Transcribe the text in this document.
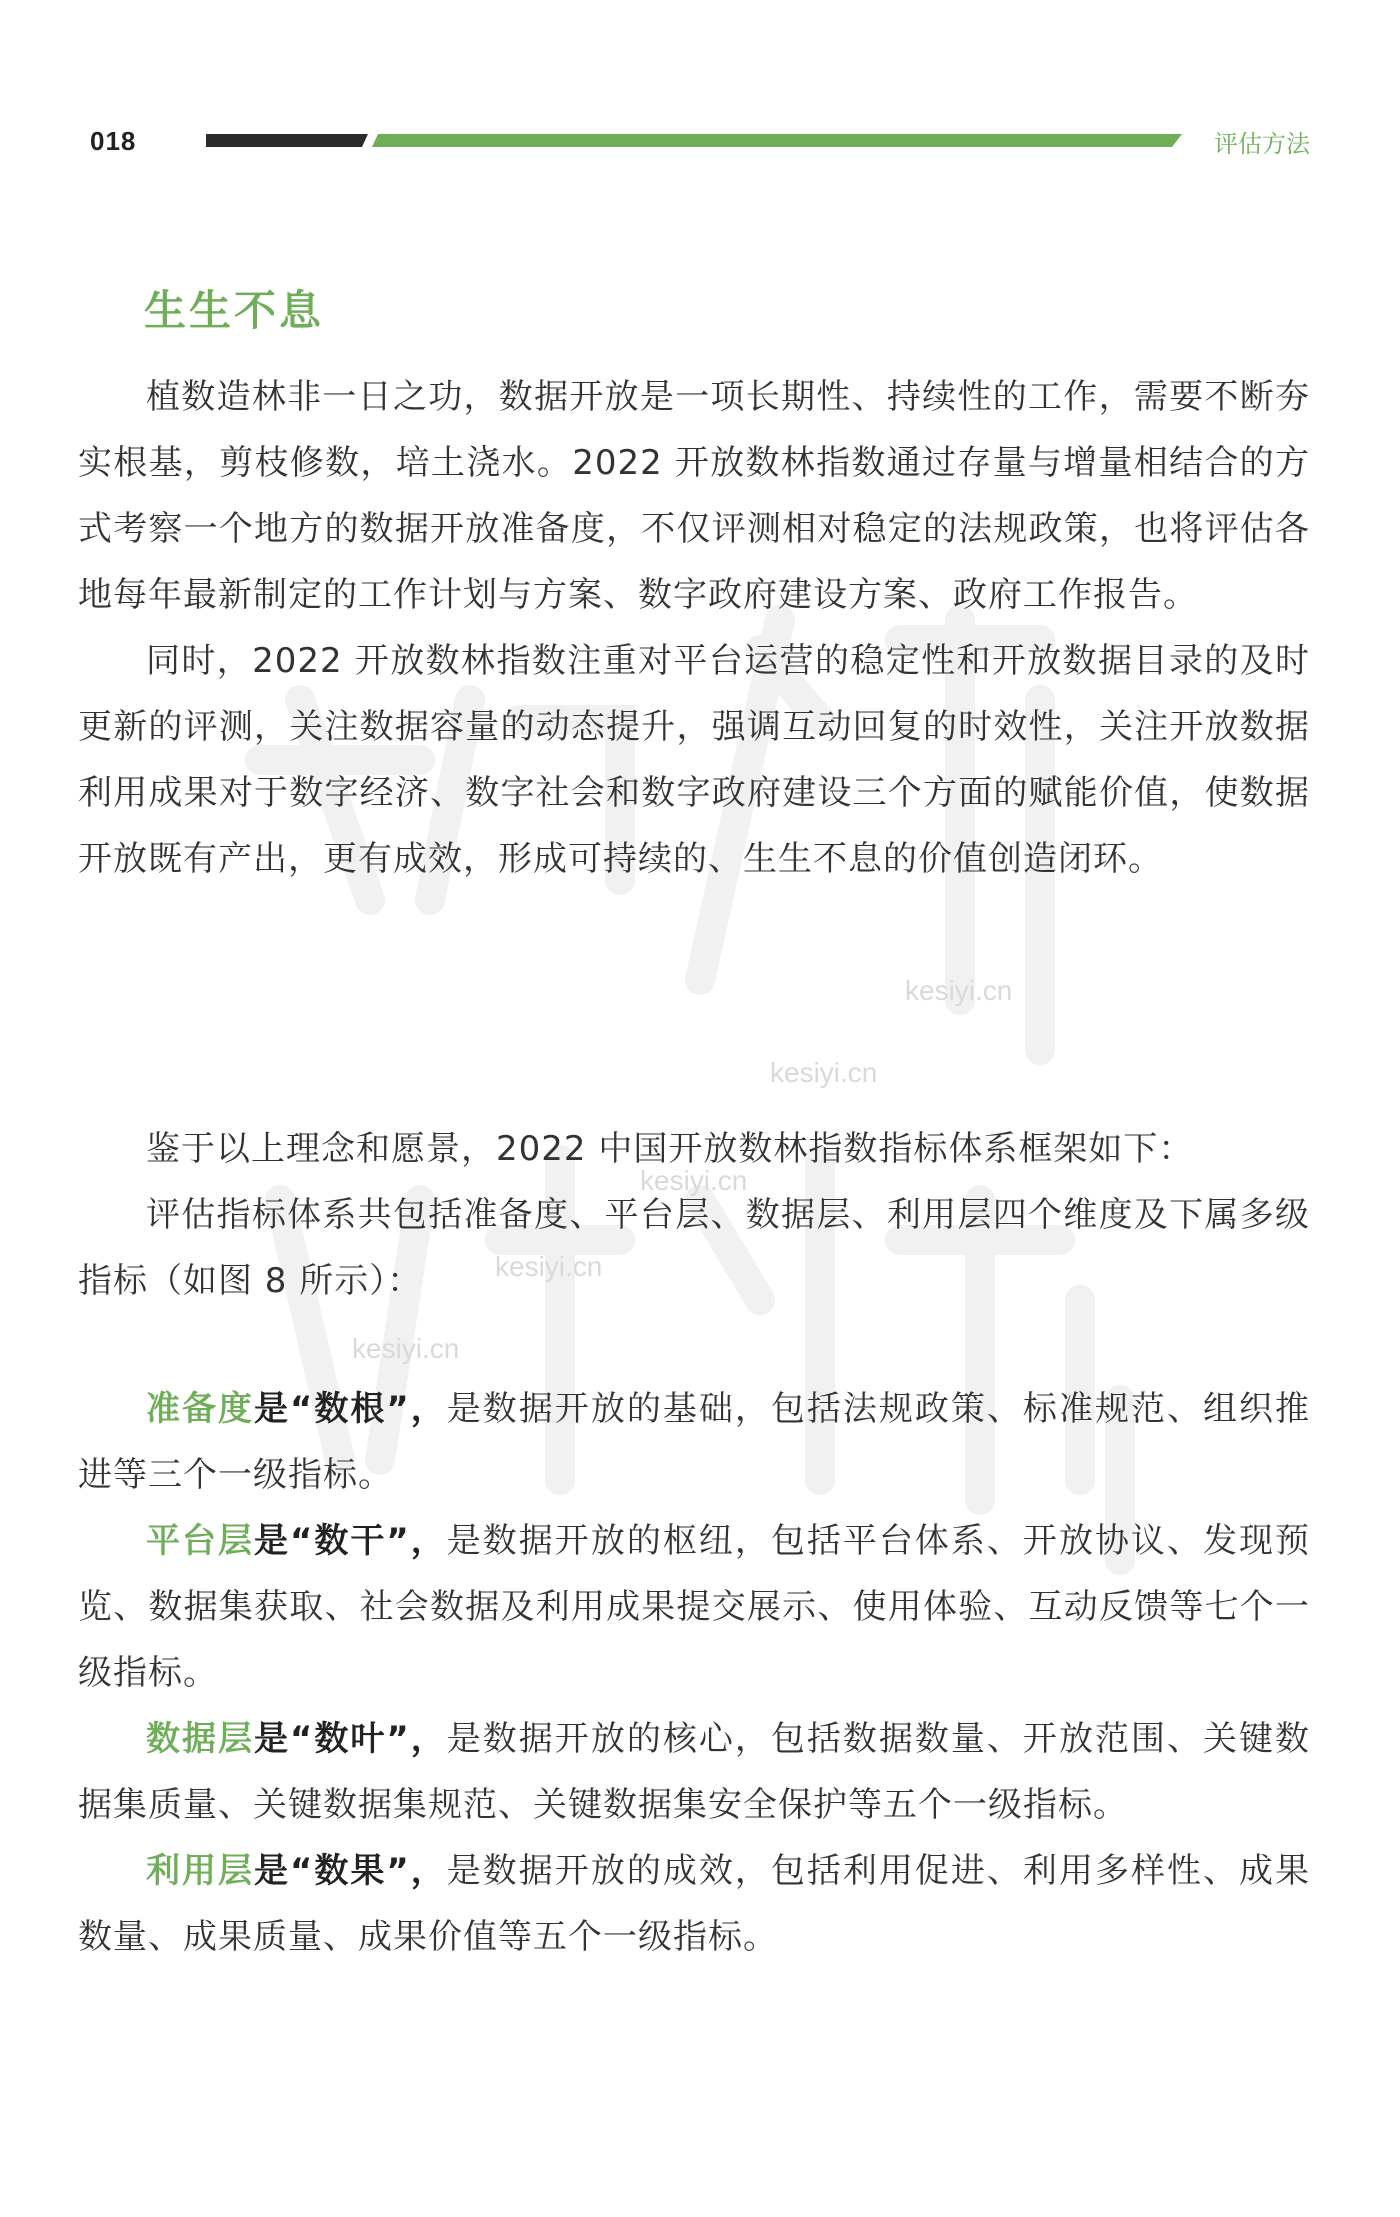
kesiyi.cn
kesiyi.cn
kesiyi.cn
kesiyi.cn
kesiyi.cn
018	评估方法
生生不息

植数造林非一日之功，数据开放是一项长期性、持续性的工作，需要不断夯实根基，剪枝修数，培土浇水。2022 开放数林指数通过存量与增量相结合的方式考察一个地方的数据开放准备度，不仅评测相对稳定的法规政策，也将评估各地每年最新制定的工作计划与方案、数字政府建设方案、政府工作报告。

同时，2022 开放数林指数注重对平台运营的稳定性和开放数据目录的及时更新的评测，关注数据容量的动态提升，强调互动回复的时效性，关注开放数据利用成果对于数字经济、数字社会和数字政府建设三个方面的赋能价值，使数据开放既有产出，更有成效，形成可持续的、生生不息的价值创造闭环。

鉴于以上理念和愿景，2022 中国开放数林指数指标体系框架如下：

评估指标体系共包括准备度、平台层、数据层、利用层四个维度及下属多级指标（如图 8 所示）：

准备度是“数根”，是数据开放的基础，包括法规政策、标准规范、组织推进等三个一级指标。

平台层是“数干”，是数据开放的枢纽，包括平台体系、开放协议、发现预览、数据集获取、社会数据及利用成果提交展示、使用体验、互动反馈等七个一级指标。

数据层是“数叶”，是数据开放的核心，包括数据数量、开放范围、关键数据集质量、关键数据集规范、关键数据集安全保护等五个一级指标。

利用层是“数果”，是数据开放的成效，包括利用促进、利用多样性、成果数量、成果质量、成果价值等五个一级指标。
